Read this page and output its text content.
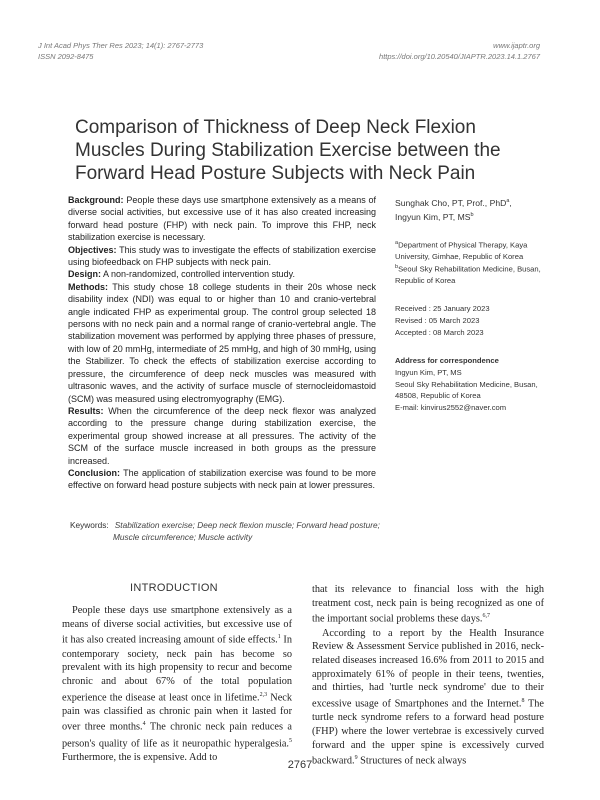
J Int Acad Phys Ther Res 2023; 14(1): 2767-2773
ISSN 2092-8475
www.ijaptr.org
https://doi.org/10.20540/JIAPTR.2023.14.1.2767
Comparison of Thickness of Deep Neck Flexion Muscles During Stabilization Exercise between the Forward Head Posture Subjects with Neck Pain

Background: People these days use smartphone extensively as a means of diverse social activities, but excessive use of it has also created increasing forward head posture (FHP) with neck pain. To improve this FHP, neck stabilization exercise is necessary.

Objectives: This study was to investigate the effects of stabilization exercise using biofeedback on FHP subjects with neck pain.

Design: A non-randomized, controlled intervention study.

Methods: This study chose 18 college students in their 20s whose neck disability index (NDI) was equal to or higher than 10 and cranio-vertebral angle indicated FHP as experimental group. The control group selected 18 persons with no neck pain and a normal range of cranio-vertebral angle. The stabilization movement was performed by applying three phases of pressure, with low of 20 mmHg, intermediate of 25 mmHg, and high of 30 mmHg, using the Stabilizer. To check the effects of stabilization exercise according to pressure, the circumference of deep neck muscles was measured with ultrasonic waves, and the activity of surface muscle of sternocleidomastoid (SCM) was measured using electromyography (EMG).

Results: When the circumference of the deep neck flexor was analyzed according to the pressure change during stabilization exercise, the experimental group showed increase at all pressures. The activity of the SCM of the surface muscle increased in both groups as the pressure increased.

Conclusion: The application of stabilization exercise was found to be more effective on forward head posture subjects with neck pain at lower pressures.

Sunghak Cho, PT, Prof., PhD$^a$,
Ingyun Kim, PT, $MS^b$
$^a$Department of Physical Therapy, Kaya University, Gimhae, Republic of Korea
$^b$Seoul Sky Rehabilitation Medicine, Busan, Republic of Korea
Received : 25 January 2023
Revised : 05 March 2023
Accepted : 08 March 2023
Address for correspondence
Ingyun Kim, PT, MS
Seoul Sky Rehabilitation Medicine, Busan, 48508, Republic of Korea
E-mail: kinvirus2552@naver.com
Keywords: Stabilization exercise; Deep neck flexion muscle; Forward head posture;
Muscle circumference; Muscle activity
INTRODUCTION

People these days use smartphone extensively as a means of diverse social activities, but excessive use of it has also created increasing amount of side effects.$^1$ In contemporary society, neck pain has become so prevalent with its high propensity to recur and become chronic and about 67% of the total population experience the disease at least once in lifetime.$^{2,3}$ Neck pain was classified as chronic pain when it lasted for over three months.$^4$ The chronic neck pain reduces a person's quality of life as it neuropathic hyperalgesia.$^5$ Furthermore, the is expensive. Add to

that its relevance to financial loss with the high treatment cost, neck pain is being recognized as one of the important social problems these days.$^{6,7}$
According to a report by the Health Insurance Review & Assessment Service published in 2016, neck-related diseases increased 16.6% from 2011 to 2015 and approximately 61% of people in their teens, twenties, and thirties, had 'turtle neck syndrome' due to their excessive usage of Smartphones and the Internet.$^8$ The turtle neck syndrome refers to a forward head posture (FHP) where the lower vertebrae is excessively curved forward and the upper spine is excessively curved backward.$^9$ Structures of neck always
2767
